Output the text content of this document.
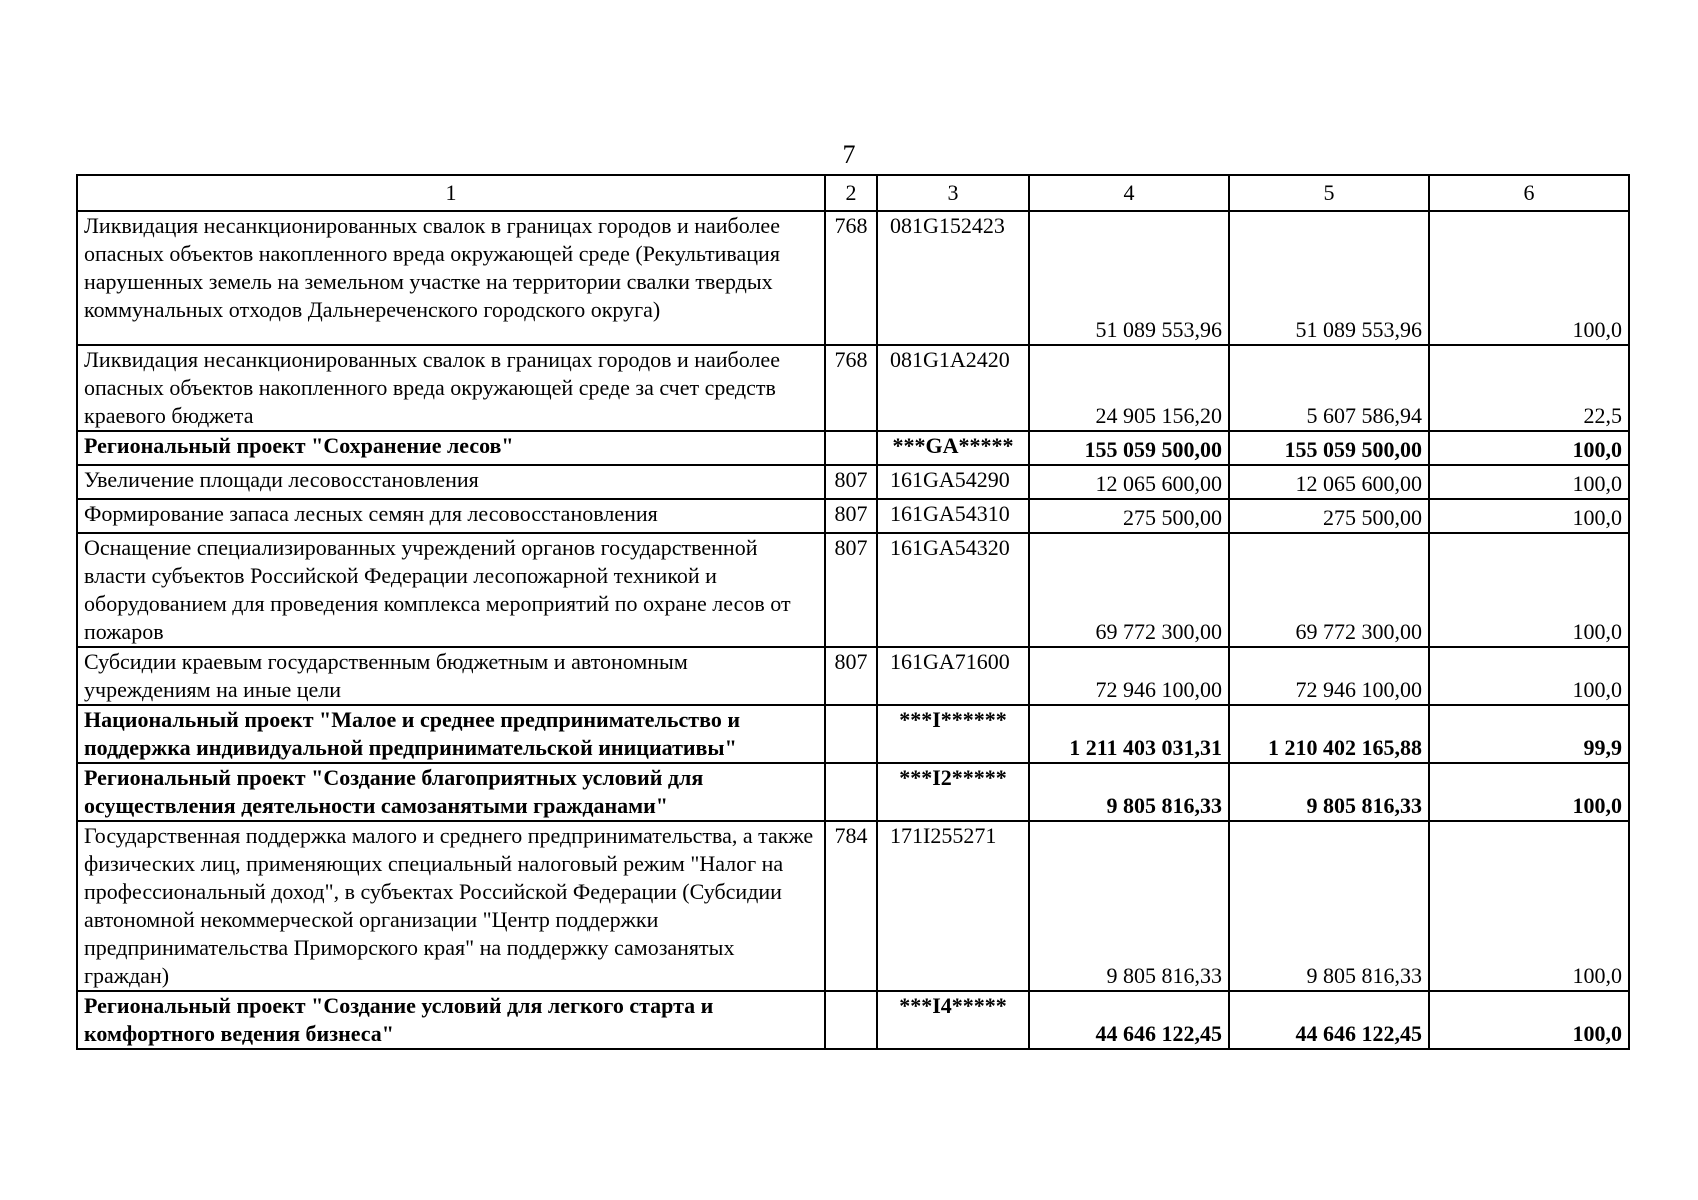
7
1	2	3	4	5	6
Ликвидация несанкционированных свалок в границах городов и наиболее опасных объектов накопленного вреда окружающей среде (Рекультивация нарушенных земель на земельном участке на территории свалки твердых коммунальных отходов Дальнереченского городского округа)	768	081G152423	51 089 553,96	51 089 553,96	100,0
Ликвидация несанкционированных свалок в границах городов и наиболее опасных объектов накопленного вреда окружающей среде за счет средств краевого бюджета	768	081G1A2420	24 905 156,20	5 607 586,94	22,5
Региональный проект "Сохранение лесов"		***GA*****	155 059 500,00	155 059 500,00	100,0
Увеличение площади лесовосстановления	807	161GA54290	12 065 600,00	12 065 600,00	100,0
Формирование запаса лесных семян для лесовосстановления	807	161GA54310	275 500,00	275 500,00	100,0
Оснащение специализированных учреждений органов государственной власти субъектов Российской Федерации лесопожарной техникой и оборудованием для проведения комплекса мероприятий по охране лесов от пожаров	807	161GA54320	69 772 300,00	69 772 300,00	100,0
Субсидии краевым государственным бюджетным и автономным учреждениям на иные цели	807	161GA71600	72 946 100,00	72 946 100,00	100,0
Национальный проект "Малое и среднее предпринимательство и поддержка индивидуальной предпринимательской инициативы"		***I******	1 211 403 031,31	1 210 402 165,88	99,9
Региональный проект "Создание благоприятных условий для осуществления деятельности самозанятыми гражданами"		***I2*****	9 805 816,33	9 805 816,33	100,0
Государственная поддержка малого и среднего предпринимательства, а также физических лиц, применяющих специальный налоговый режим "Налог на профессиональный доход", в субъектах Российской Федерации (Субсидии автономной некоммерческой организации "Центр поддержки предпринимательства Приморского края" на поддержку самозанятых граждан)	784	171I255271	9 805 816,33	9 805 816,33	100,0
Региональный проект "Создание условий для легкого старта и комфортного ведения бизнеса"		***I4*****	44 646 122,45	44 646 122,45	100,0
